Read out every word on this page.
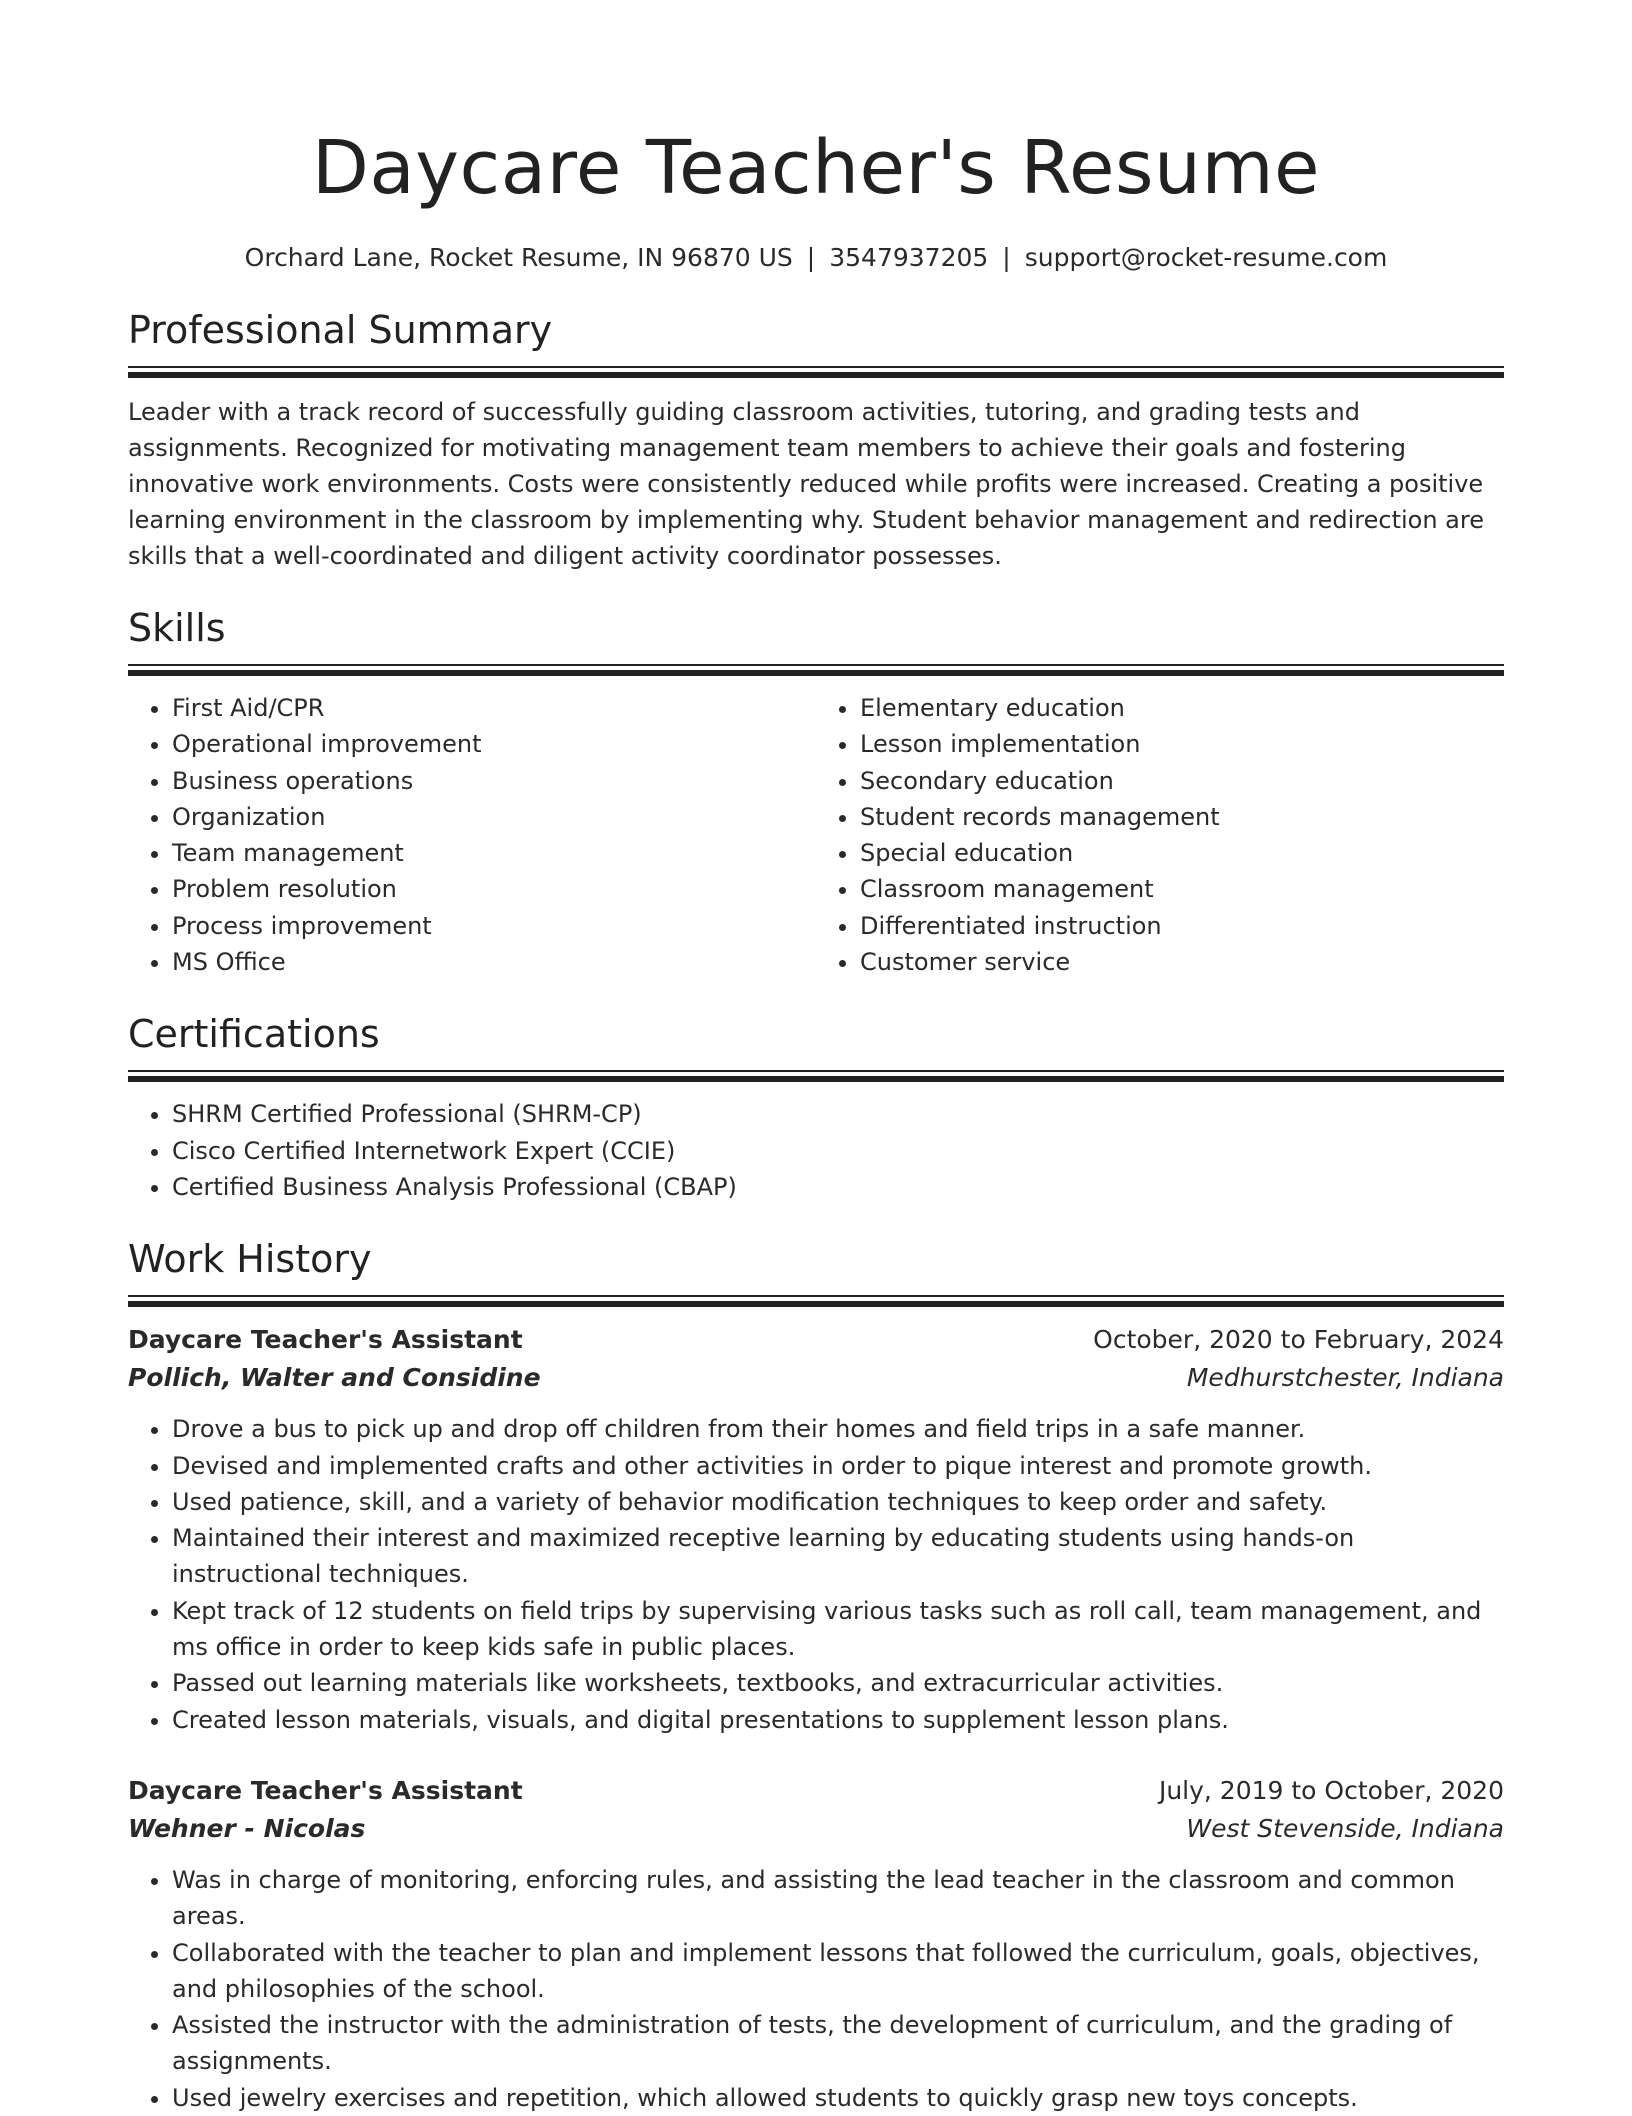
Daycare Teacher's Resume
Orchard Lane, Rocket Resume, IN 96870 US | 3547937205 | support@rocket-resume.com
Professional Summary

Leader with a track record of successfully guiding classroom activities, tutoring, and grading tests and assignments. Recognized for motivating management team members to achieve their goals and fostering innovative work environments. Costs were consistently reduced while profits were increased. Creating a positive learning environment in the classroom by implementing why. Student behavior management and redirection are skills that a well-coordinated and diligent activity coordinator possesses.

Skills
• First Aid/CPR
• Operational improvement
• Business operations
• Organization
• Team management
• Problem resolution
• Process improvement
• MS Office
• Elementary education
• Lesson implementation
• Secondary education
• Student records management
• Special education
• Classroom management
• Differentiated instruction
• Customer service
Certifications
• SHRM Certified Professional (SHRM-CP)
• Cisco Certified Internetwork Expert (CCIE)
• Certified Business Analysis Professional (CBAP)
Work History
Daycare Teacher's Assistant	October, 2020 to February, 2024
Pollich, Walter and Considine	Medhurstchester, Indiana
• Drove a bus to pick up and drop off children from their homes and field trips in a safe manner.
• Devised and implemented crafts and other activities in order to pique interest and promote growth.
• Used patience, skill, and a variety of behavior modification techniques to keep order and safety.
• Maintained their interest and maximized receptive learning by educating students using hands-on instructional techniques.
• Kept track of 12 students on field trips by supervising various tasks such as roll call, team management, and ms office in order to keep kids safe in public places.
• Passed out learning materials like worksheets, textbooks, and extracurricular activities.
• Created lesson materials, visuals, and digital presentations to supplement lesson plans.
Daycare Teacher's Assistant	July, 2019 to October, 2020
Wehner - Nicolas	West Stevenside, Indiana
• Was in charge of monitoring, enforcing rules, and assisting the lead teacher in the classroom and common areas.
• Collaborated with the teacher to plan and implement lessons that followed the curriculum, goals, objectives, and philosophies of the school.
• Assisted the instructor with the administration of tests, the development of curriculum, and the grading of assignments.
• Used jewelry exercises and repetition, which allowed students to quickly grasp new toys concepts.
